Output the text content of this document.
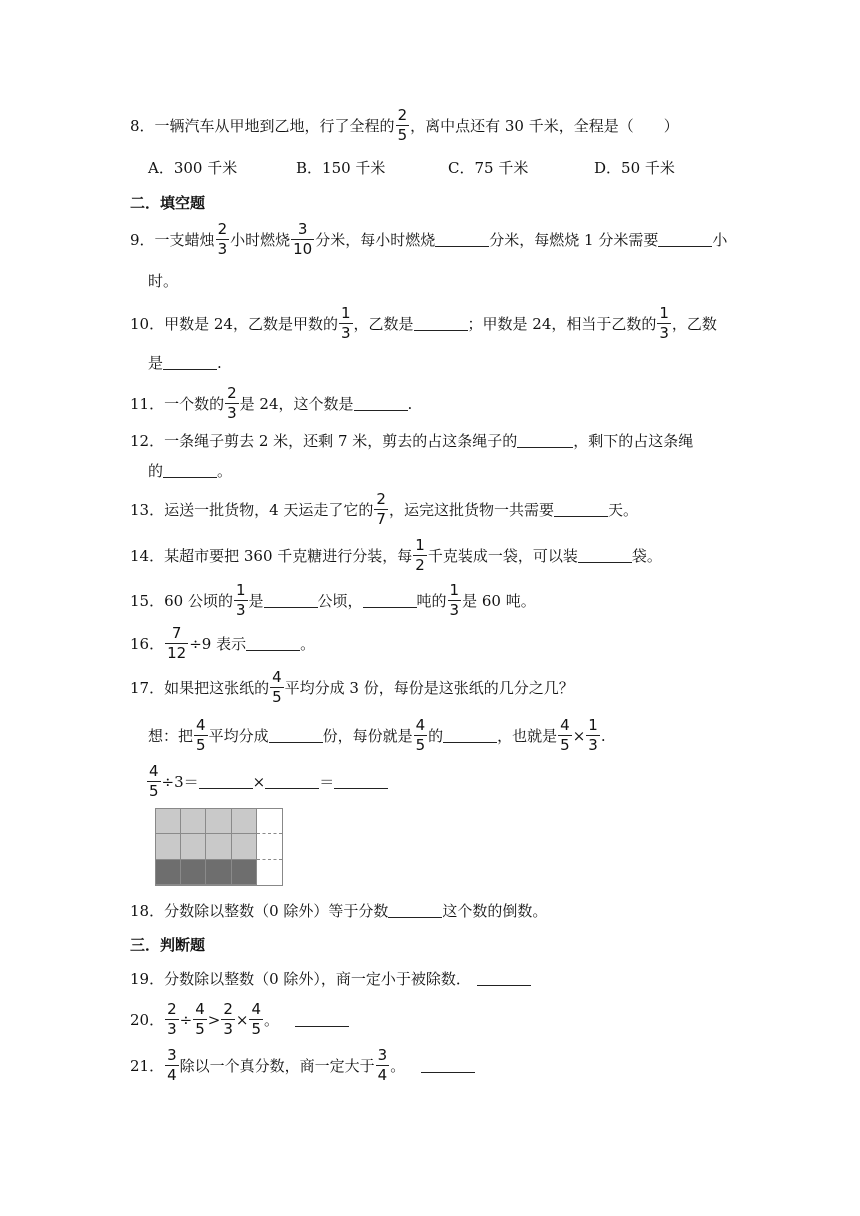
8． 一辆汽车从甲地到乙地，行了全程的 $\frac{2}{5}$ ，离中点还有 30 千米，全程是（　　）
A．300 千米	B．150 千米	C．75 千米	D．50 千米
二．填空题
9． 一支蜡烛 $\frac{2}{3}$ 小时燃烧 $\frac{3}{10}$ 分米，每小时燃烧	分米，每燃烧 1 分米需要	小
时。
10． 甲数是 24，乙数是甲数的 $\frac{1}{3}$ ，乙数是	；甲数是 24，相当于乙数的 $\frac{1}{3}$ ，乙数
是	.
11． 一个数的 $\frac{2}{3}$ 是 24，这个数是	.
12． 一条绳子剪去 2 米，还剩 7 米，剪去的占这条绳子的	，剩下的占这条绳
的	。
13． 运送一批货物，4 天运走了它的 $\frac{2}{7}$ ，运完这批货物一共需要	天。
14． 某超市要把 360 千克糖进行分装，每 $\frac{1}{2}$ 千克装成一袋，可以装	袋。
15． 60 公顷的 $\frac{1}{3}$ 是	公顷，	吨的 $\frac{1}{3}$ 是 60 吨。
16． $\frac{7}{12} \div 9$ 表示	。
17． 如果把这张纸的 $\frac{4}{5}$ 平均分成 3 份，每份是这张纸的几分之几？
想：把 $\frac{4}{5}$ 平均分成	份，每份就是 $\frac{4}{5}$ 的	，也就是 $\frac{4}{5} \times \frac{1}{3}$ .
$\frac{4}{5} \div 3=$	×	＝
18． 分数除以整数（0 除外）等于分数	这个数的倒数。
三．判断题
19． 分数除以整数（0 除外），商一定小于被除数．
20． $\frac{2}{3} \div \frac{4}{5} > \frac{2}{3} \times \frac{4}{5}$ 。
21． $\frac{3}{4}$ 除以一个真分数，商一定大于 $\frac{3}{4}$ 。
